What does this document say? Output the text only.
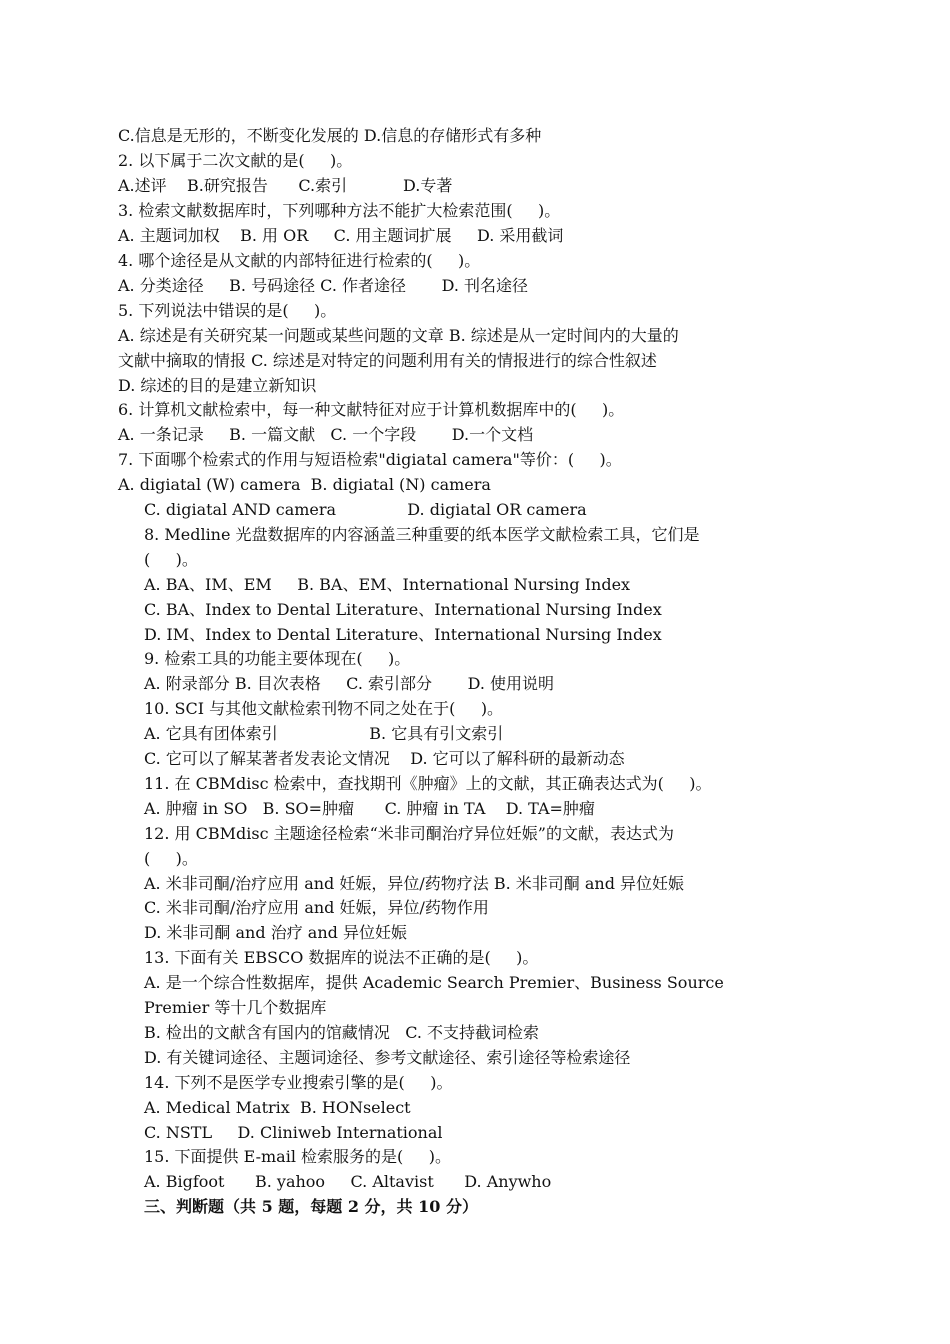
C.信息是无形的，不断变化发展的 D.信息的存储形式有多种
2. 以下属于二次文献的是(     )。
A.述评    B.研究报告      C.索引           D.专著
3. 检索文献数据库时，下列哪种方法不能扩大检索范围(     )。
A. 主题词加权    B. 用 OR     C. 用主题词扩展     D. 采用截词
4. 哪个途径是从文献的内部特征进行检索的(     )。
A. 分类途径     B. 号码途径 C. 作者途径       D. 刊名途径
5. 下列说法中错误的是(     )。
A. 综述是有关研究某一问题或某些问题的文章 B. 综述是从一定时间内的大量的
文献中摘取的情报 C. 综述是对特定的问题利用有关的情报进行的综合性叙述
D. 综述的目的是建立新知识
6. 计算机文献检索中，每一种文献特征对应于计算机数据库中的(     )。
A. 一条记录     B. 一篇文献   C. 一个字段       D.一个文档
7. 下面哪个检索式的作用与短语检索"digiatal camera"等价：(     )。
A. digiatal (W) camera  B. digiatal (N) camera
C. digiatal AND camera              D. digiatal OR camera
8. Medline 光盘数据库的内容涵盖三种重要的纸本医学文献检索工具，它们是
(     )。
A. BA、IM、EM     B. BA、EM、International Nursing Index
C. BA、Index to Dental Literature、International Nursing Index
D. IM、Index to Dental Literature、International Nursing Index
9. 检索工具的功能主要体现在(     )。
A. 附录部分 B. 目次表格     C. 索引部分       D. 使用说明
10. SCI 与其他文献检索刊物不同之处在于(     )。
A. 它具有团体索引                  B. 它具有引文索引
C. 它可以了解某著者发表论文情况    D. 它可以了解科研的最新动态
11. 在 CBMdisc 检索中，查找期刊《肿瘤》上的文献，其正确表达式为(     )。
A. 肿瘤 in SO   B. SO=肿瘤      C. 肿瘤 in TA    D. TA=肿瘤
12. 用 CBMdisc 主题途径检索“米非司酮治疗异位妊娠”的文献，表达式为
(     )。
A. 米非司酮/治疗应用 and 妊娠，异位/药物疗法 B. 米非司酮 and 异位妊娠
C. 米非司酮/治疗应用 and 妊娠，异位/药物作用
D. 米非司酮 and 治疗 and 异位妊娠
13. 下面有关 EBSCO 数据库的说法不正确的是(     )。
A. 是一个综合性数据库，提供 Academic Search Premier、Business Source
Premier 等十几个数据库
B. 检出的文献含有国内的馆藏情况   C. 不支持截词检索
D. 有关键词途径、主题词途径、参考文献途径、索引途径等检索途径
14. 下列不是医学专业搜索引擎的是(     )。
A. Medical Matrix  B. HONselect
C. NSTL     D. Cliniweb International
15. 下面提供 E-mail 检索服务的是(     )。
A. Bigfoot      B. yahoo     C. Altavist      D. Anywho
三、判断题（共 5 题，每题 2 分，共 10 分）
